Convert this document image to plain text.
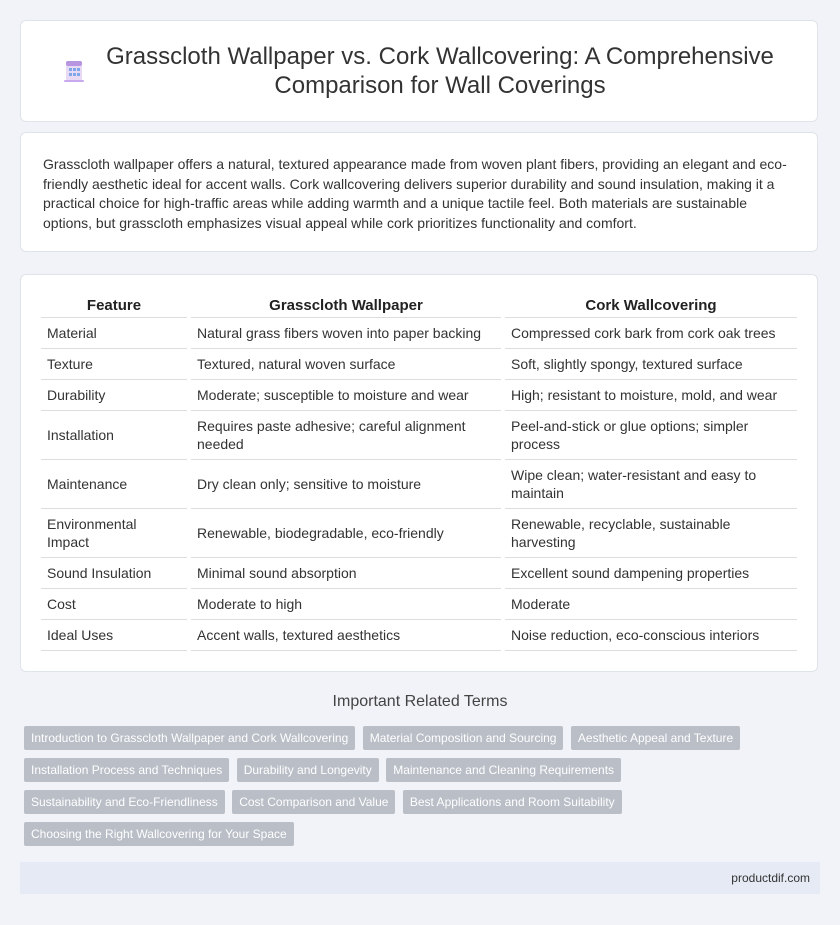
Grasscloth Wallpaper vs. Cork Wallcovering: A Comprehensive Comparison for Wall Coverings

Grasscloth wallpaper offers a natural, textured appearance made from woven plant fibers, providing an elegant and eco-friendly aesthetic ideal for accent walls. Cork wallcovering delivers superior durability and sound insulation, making it a practical choice for high-traffic areas while adding warmth and a unique tactile feel. Both materials are sustainable options, but grasscloth emphasizes visual appeal while cork prioritizes functionality and comfort.

Feature	Grasscloth Wallpaper	Cork Wallcovering
Material	Natural grass fibers woven into paper backing	Compressed cork bark from cork oak trees
Texture	Textured, natural woven surface	Soft, slightly spongy, textured surface
Durability	Moderate; susceptible to moisture and wear	High; resistant to moisture, mold, and wear
Installation	Requires paste adhesive; careful alignment needed	Peel-and-stick or glue options; simpler process
Maintenance	Dry clean only; sensitive to moisture	Wipe clean; water-resistant and easy to maintain
Environmental Impact	Renewable, biodegradable, eco-friendly	Renewable, recyclable, sustainable harvesting
Sound Insulation	Minimal sound absorption	Excellent sound dampening properties
Cost	Moderate to high	Moderate
Ideal Uses	Accent walls, textured aesthetics	Noise reduction, eco-conscious interiors
Important Related Terms
Introduction to Grasscloth Wallpaper and Cork Wallcovering Material Composition and Sourcing Aesthetic Appeal and Texture Installation Process and Techniques Durability and Longevity Maintenance and Cleaning Requirements Sustainability and Eco-Friendliness Cost Comparison and Value Best Applications and Room Suitability Choosing the Right Wallcovering for Your Space
productdif.com
